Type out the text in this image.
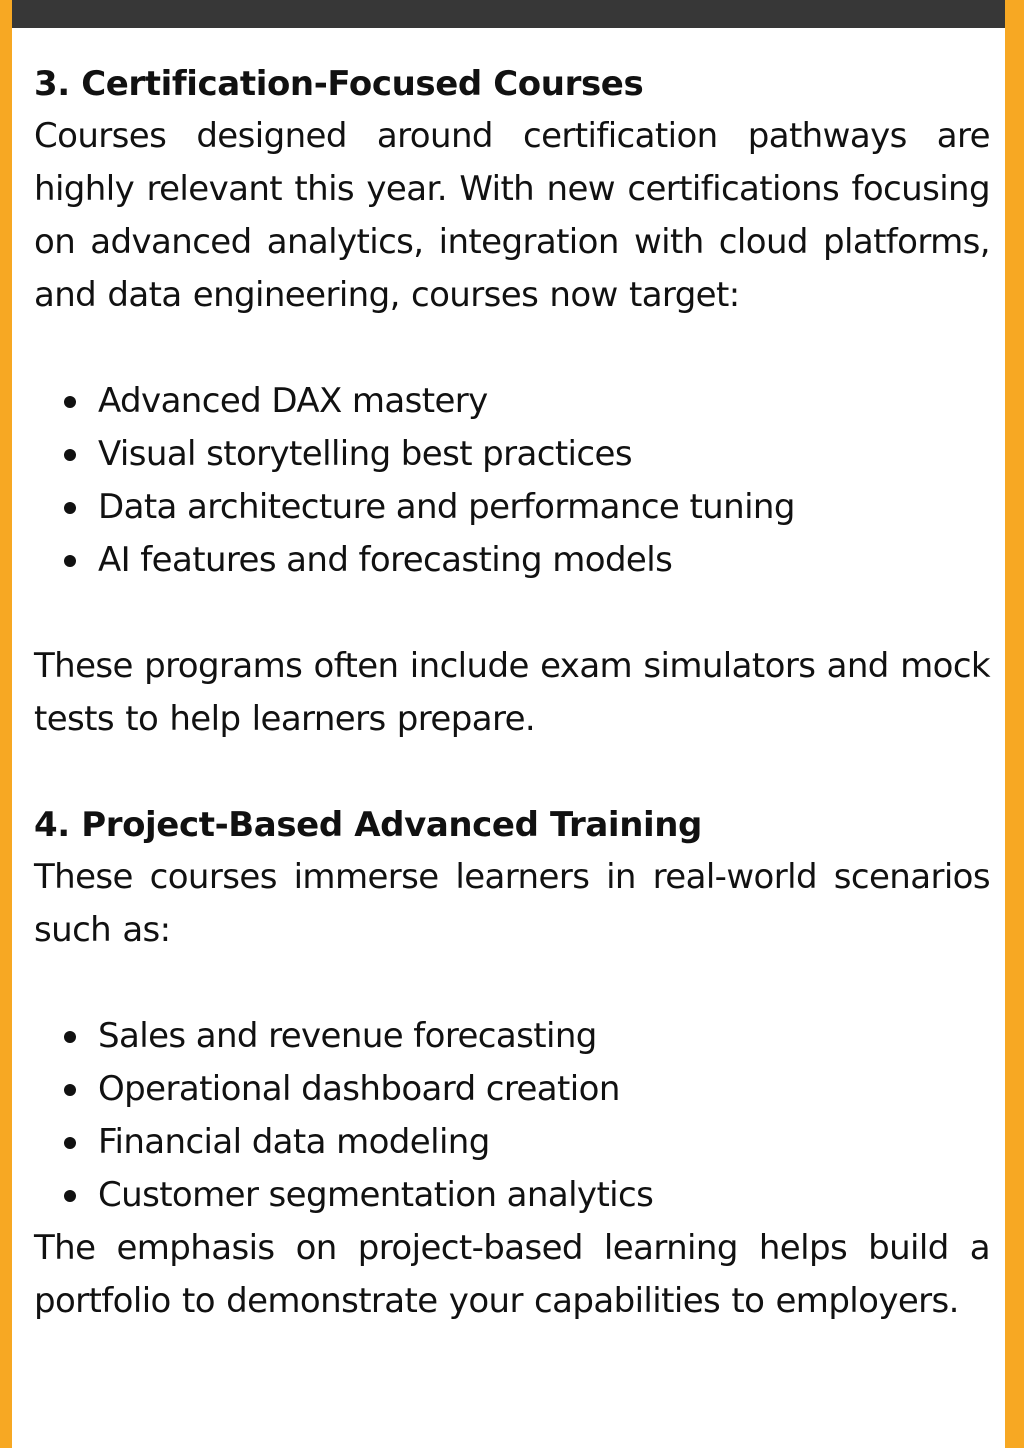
3. Certification-Focused Courses

Courses designed around certification pathways are highly relevant this year. With new certifications focusing on advanced analytics, integration with cloud platforms, and data engineering, courses now target:

Advanced DAX mastery
Visual storytelling best practices
Data architecture and performance tuning
AI features and forecasting models

These programs often include exam simulators and mock tests to help learners prepare.

4. Project-Based Advanced Training

These courses immerse learners in real-world scenarios such as:

Sales and revenue forecasting
Operational dashboard creation
Financial data modeling
Customer segmentation analytics

The emphasis on project-based learning helps build a portfolio to demonstrate your capabilities to employers.
